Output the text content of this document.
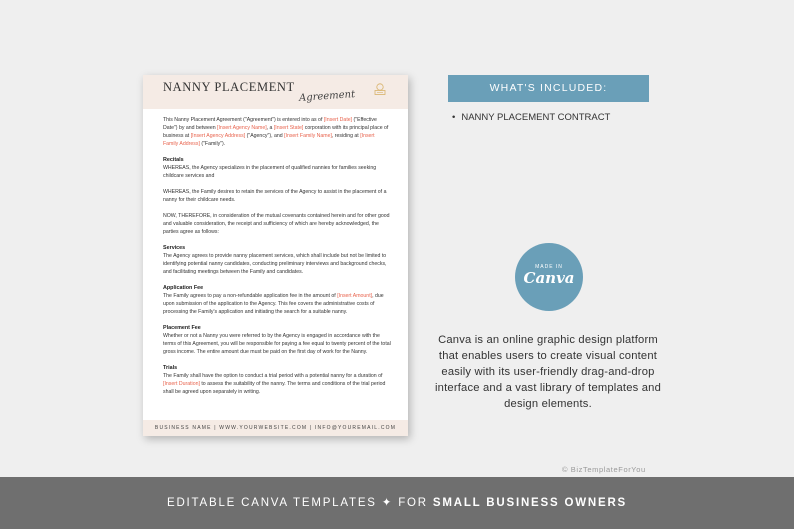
NANNY PLACEMENT
Agreement

This Nanny Placement Agreement ("Agreement") is entered into as of [Insert Date] ("Effective Date") by and between [Insert Agency Name], a [Insert State] corporation with its principal place of business at [Insert Agency Address] ("Agency"), and [Insert Family Name], residing at [Insert Family Address] ("Family").

Recitals

WHEREAS, the Agency specializes in the placement of qualified nannies for families seeking childcare services and

WHEREAS, the Family desires to retain the services of the Agency to assist in the placement of a nanny for their childcare needs.

NOW, THEREFORE, in consideration of the mutual covenants contained herein and for other good and valuable consideration, the receipt and sufficiency of which are hereby acknowledged, the parties agree as follows:

Services

The Agency agrees to provide nanny placement services, which shall include but not be limited to identifying potential nanny candidates, conducting preliminary interviews and background checks, and facilitating meetings between the Family and candidates.

Application Fee

The Family agrees to pay a non-refundable application fee in the amount of [Insert Amount], due upon submission of the application to the Agency. This fee covers the administrative costs of processing the Family's application and initiating the search for a suitable nanny.

Placement Fee

Whether or not a Nanny you were referred to by the Agency is engaged in accordance with the terms of this Agreement, you will be responsible for paying a fee equal to twenty percent of the total gross income. The entire amount due must be paid on the first day of work for the Nanny.

Trials

The Family shall have the option to conduct a trial period with a potential nanny for a duration of [Insert Duration] to assess the suitability of the nanny. The terms and conditions of the trial period shall be agreed upon separately in writing.

BUSINESS NAME | WWW.YOURWEBSITE.COM | INFO@YOUREMAIL.COM
WHAT'S INCLUDED:
• NANNY PLACEMENT CONTRACT
MADE IN
Canva
Canva is an online graphic design platform that enables users to create visual content easily with its user-friendly drag-and-drop interface and a vast library of templates and design elements.
© BizTemplateForYou
EDITABLE CANVA TEMPLATES ✦ FOR SMALL BUSINESS OWNERS
